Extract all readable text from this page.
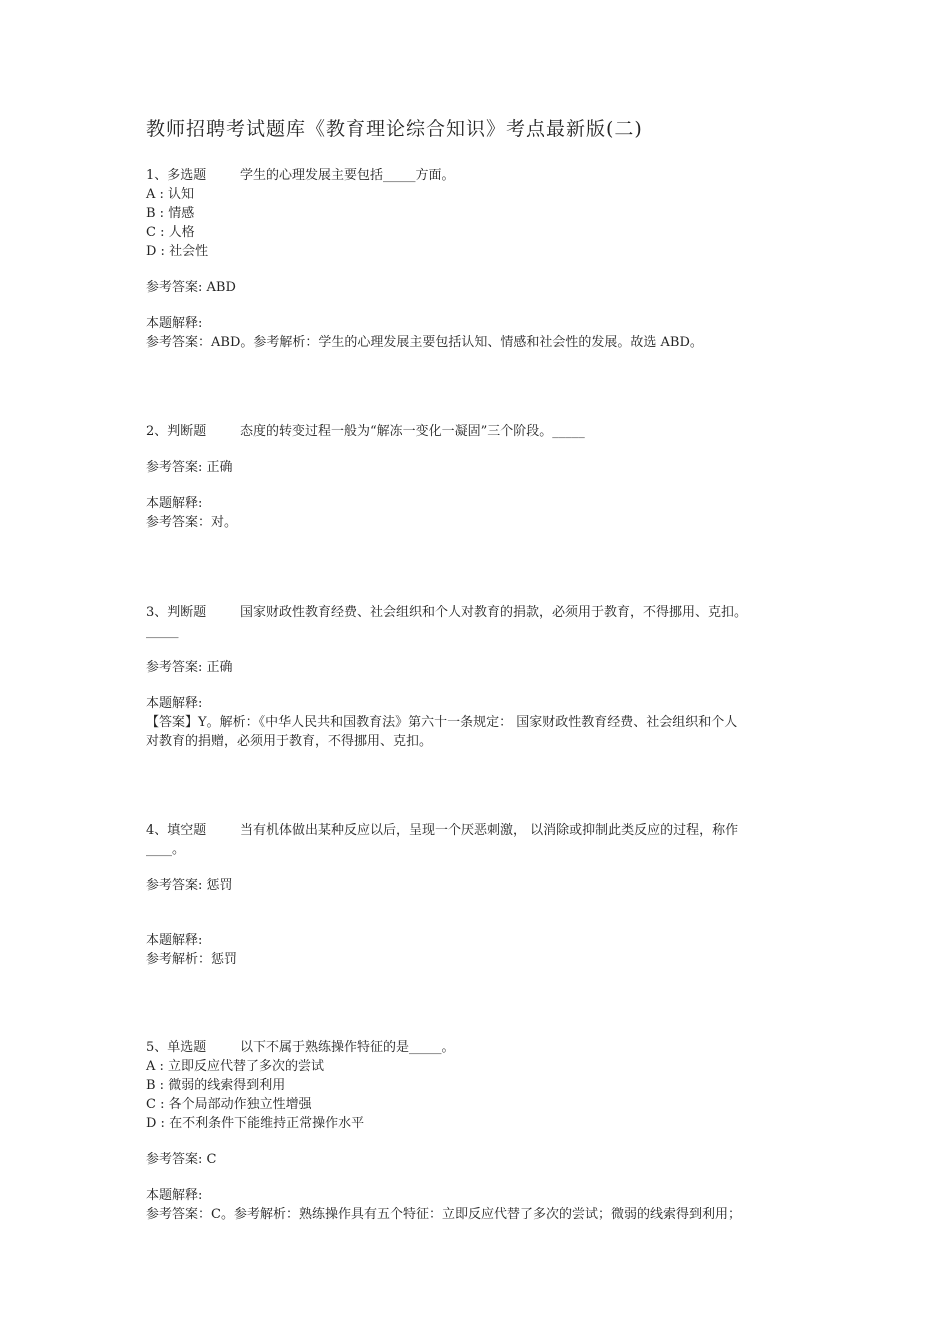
教师招聘考试题库《教育理论综合知识》考点最新版(二)
1、多选题	学生的心理发展主要包括_____方面。
A : 认知
B : 情感
C : 人格
D : 社会性
参考答案: ABD
本题解释:
参考答案：ABD。参考解析：学生的心理发展主要包括认知、情感和社会性的发展。故选 ABD。
2、判断题	态度的转变过程一般为“解冻一变化一凝固”三个阶段。_____
参考答案: 正确
本题解释:
参考答案：对。
3、判断题	国家财政性教育经费、社会组织和个人对教育的捐款，必须用于教育，不得挪用、克扣。
_____
参考答案: 正确
本题解释:
【答案】Y。解析：《中华人民共和国教育法》第六十一条规定： 国家财政性教育经费、社会组织和个人
对教育的捐赠，必须用于教育，不得挪用、克扣。
4、填空题	当有机体做出某种反应以后，呈现一个厌恶刺激， 以消除或抑制此类反应的过程，称作
____。
参考答案: 惩罚
本题解释:
参考解析：惩罚
5、单选题	以下不属于熟练操作特征的是_____。
A : 立即反应代替了多次的尝试
B : 微弱的线索得到利用
C : 各个局部动作独立性增强
D : 在不利条件下能维持正常操作水平
参考答案: C
本题解释:
参考答案：C。参考解析：熟练操作具有五个特征：立即反应代替了多次的尝试；微弱的线索得到利用；
